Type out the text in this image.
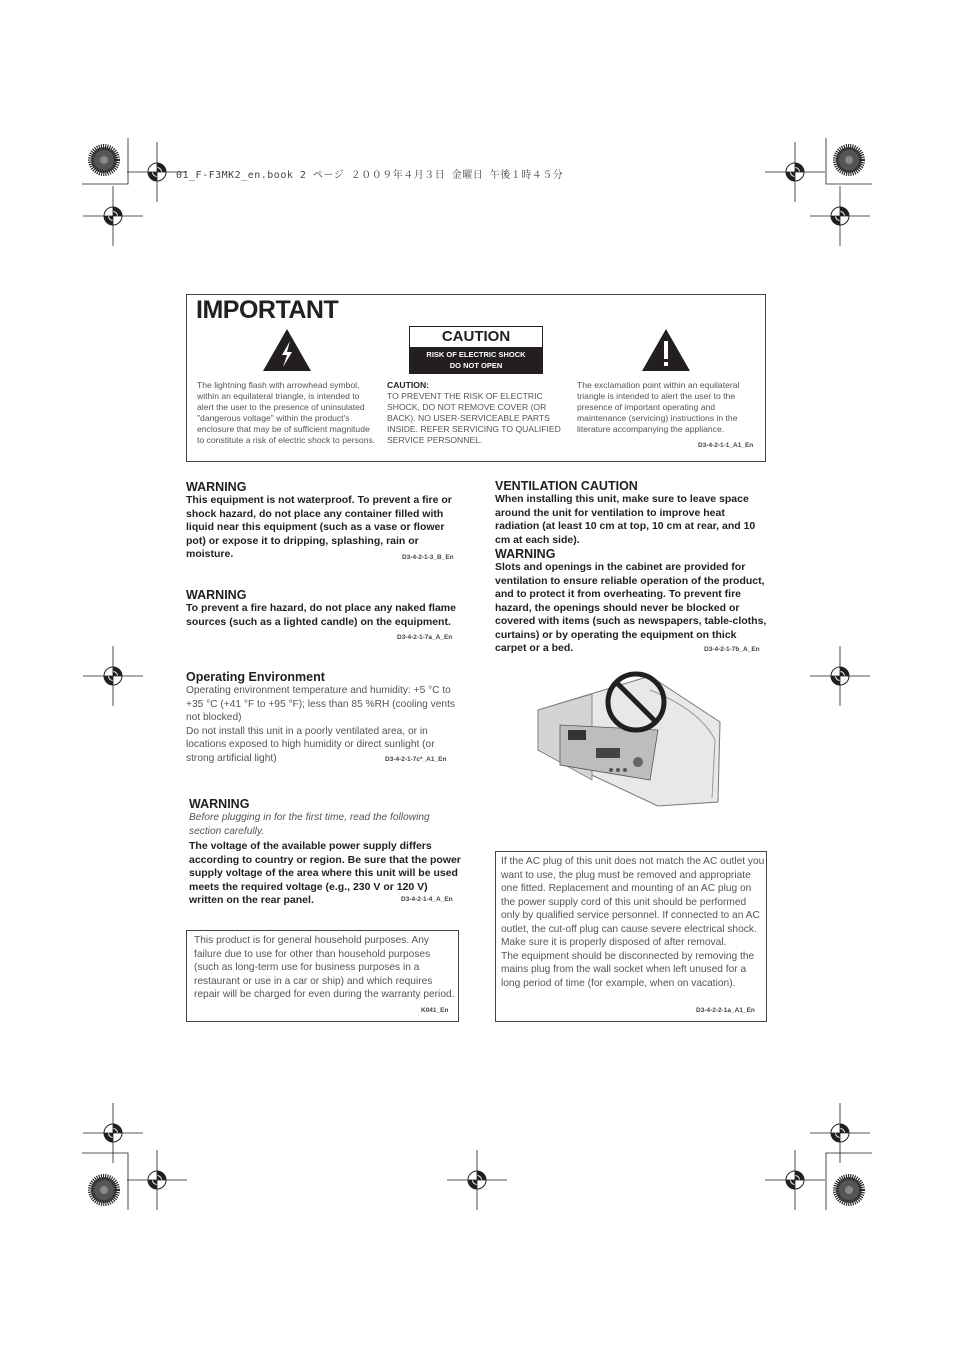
01_F-F3MK2_en.book 2 ページ ２００９年４月３日 金曜日 午後１時４５分
IMPORTANT
The lightning flash with arrowhead symbol, within an equilateral triangle, is intended to alert the user to the presence of uninsulated "dangerous voltage" within the product's enclosure that may be of sufficient magnitude to constitute a risk of electric shock to persons.
CAUTION
RISK OF ELECTRIC SHOCK
DO NOT OPEN
CAUTION:
TO PREVENT THE RISK OF ELECTRIC SHOCK, DO NOT REMOVE COVER (OR BACK). NO USER-SERVICEABLE PARTS INSIDE. REFER SERVICING TO QUALIFIED SERVICE PERSONNEL.
The exclamation point within an equilateral triangle is intended to alert the user to the presence of important operating and maintenance (servicing) instructions in the literature accompanying the appliance.
D3-4-2-1-1_A1_En
WARNING
This equipment is not waterproof. To prevent a fire or shock hazard, do not place any container filled with liquid near this equipment (such as a vase or flower pot) or expose it to dripping, splashing, rain or moisture.	D3-4-2-1-3_B_En
WARNING
To prevent a fire hazard, do not place any naked flame sources (such as a lighted candle) on the equipment.
D3-4-2-1-7a_A_En
Operating Environment
Operating environment temperature and humidity: +5 °C to +35 °C (+41 °F to +95 °F); less than 85 %RH (cooling vents not blocked)
Do not install this unit in a poorly ventilated area, or in locations exposed to high humidity or direct sunlight (or strong artificial light)	D3-4-2-1-7c*_A1_En
WARNING
Before plugging in for the first time, read the following section carefully.
The voltage of the available power supply differs according to country or region. Be sure that the power supply voltage of the area where this unit will be used meets the required voltage (e.g., 230 V or 120 V) written on the rear panel.	D3-4-2-1-4_A_En
This product is for general household purposes. Any failure due to use for other than household purposes (such as long-term use for business purposes in a restaurant or use in a car or ship) and which requires repair will be charged for even during the warranty period.
K041_En
VENTILATION CAUTION
When installing this unit, make sure to leave space around the unit for ventilation to improve heat radiation (at least 10 cm at top, 10 cm at rear, and 10 cm at each side).
WARNING
Slots and openings in the cabinet are provided for ventilation to ensure reliable operation of the product, and to protect it from overheating. To prevent fire hazard, the openings should never be blocked or covered with items (such as newspapers, table-cloths, curtains) or by operating the equipment on thick carpet or a bed.	D3-4-2-1-7b_A_En
If the AC plug of this unit does not match the AC outlet you want to use, the plug must be removed and appropriate one fitted. Replacement and mounting of an AC plug on the power supply cord of this unit should be performed only by qualified service personnel. If connected to an AC outlet, the cut-off plug can cause severe electrical shock. Make sure it is properly disposed of after removal.
The equipment should be disconnected by removing the mains plug from the wall socket when left unused for a long period of time (for example, when on vacation).
D3-4-2-2-1a_A1_En
